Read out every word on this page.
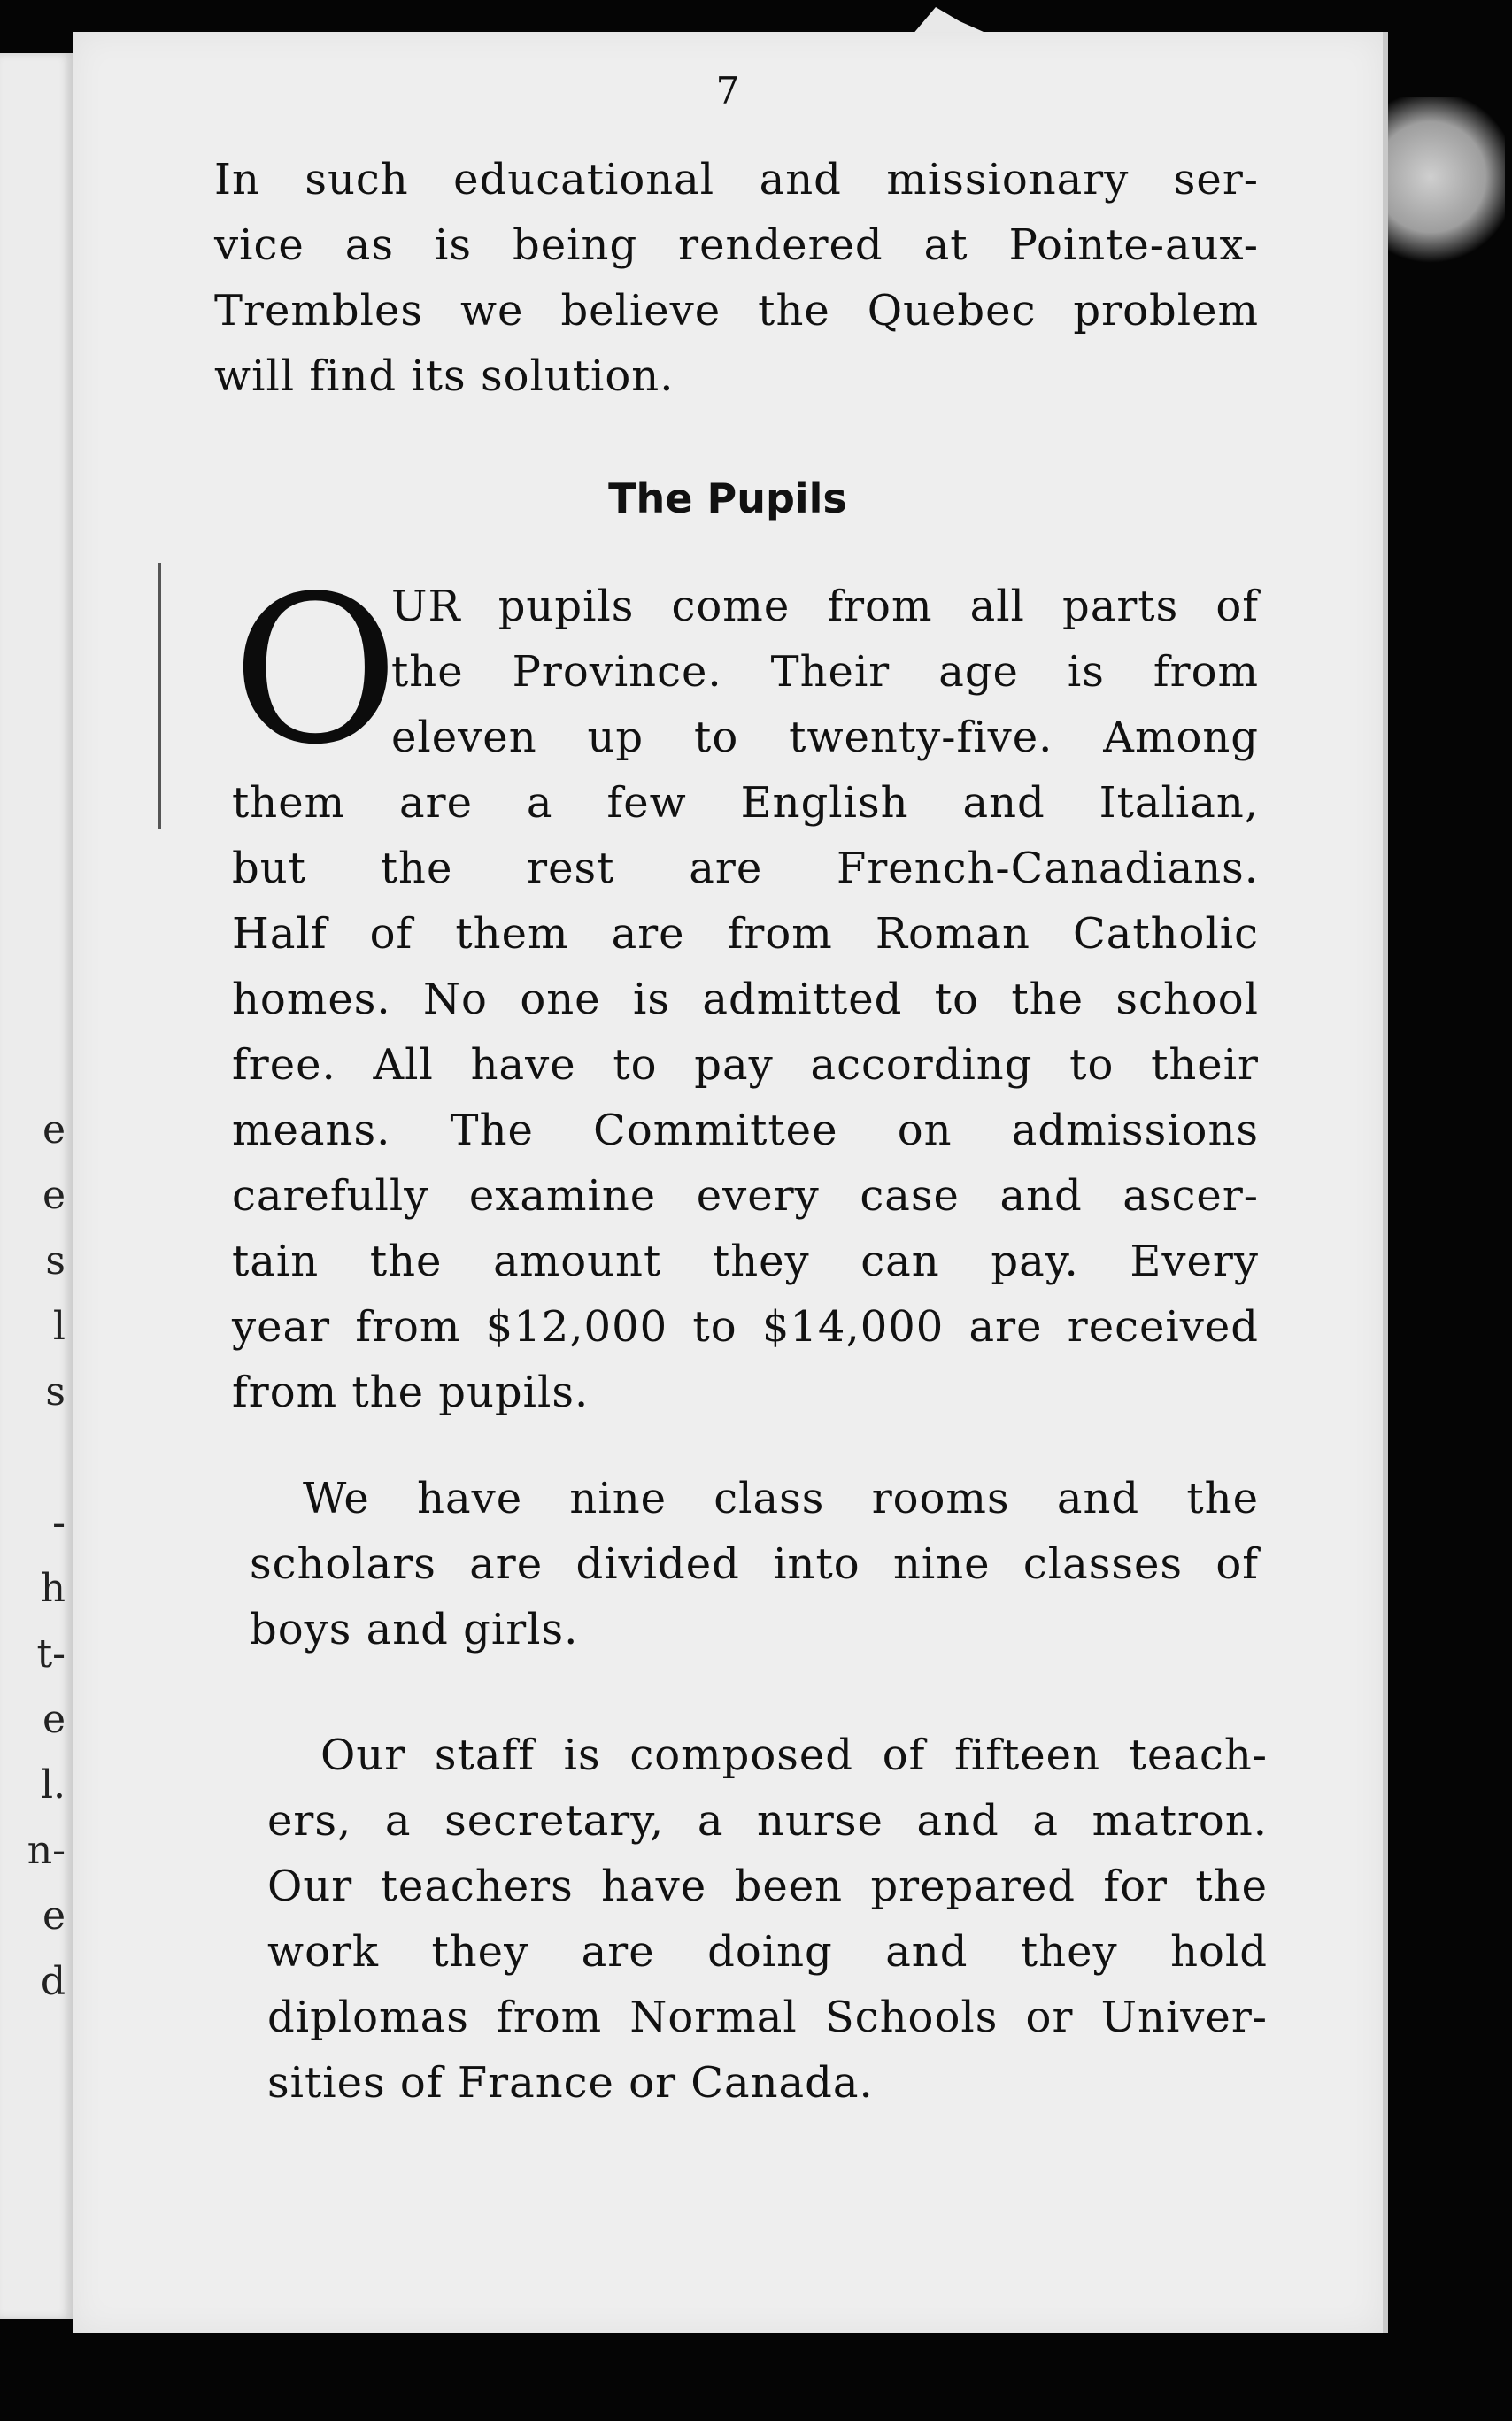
e
e
s
l
s
-
h
t-
e
l.
n-
e
d
7
In such educational and missionary ser-
vice as is being rendered at Pointe-aux-
Trembles we believe the Quebec problem
will find its solution.
The Pupils
O
UR pupils come from all parts of
the Province. Their age is from
eleven up to twenty-five. Among
them are a few English and Italian,
but the rest are French-Canadians.
Half of them are from Roman Catholic
homes. No one is admitted to the school
free. All have to pay according to their
means. The Committee on admissions
carefully examine every case and ascer-
tain the amount they can pay. Every
year from $12,000 to $14,000 are received
from the pupils.
We have nine class rooms and the
scholars are divided into nine classes of
boys and girls.
Our staff is composed of fifteen teach-
ers, a secretary, a nurse and a matron.
Our teachers have been prepared for the
work they are doing and they hold
diplomas from Normal Schools or Univer-
sities of France or Canada.
